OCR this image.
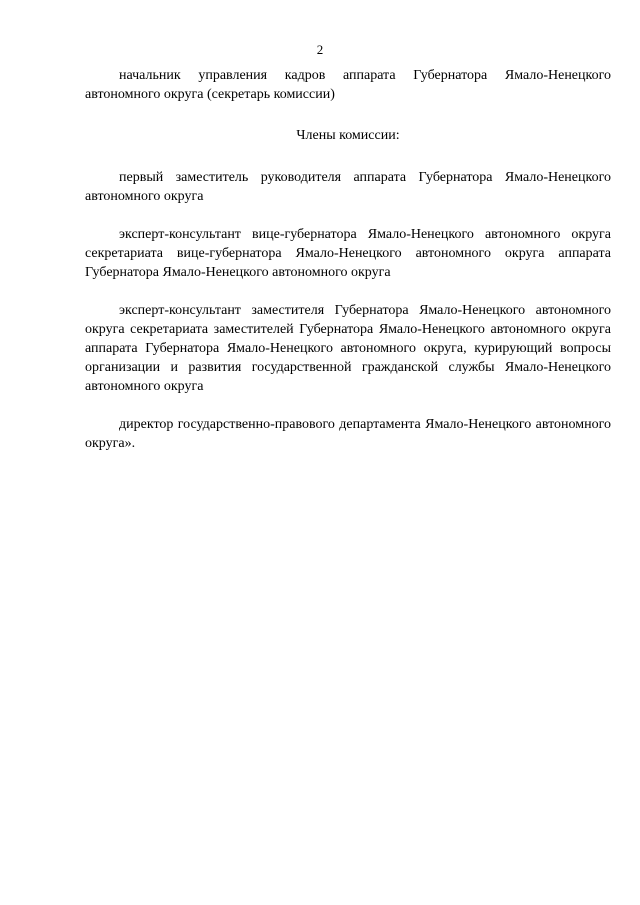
2

начальник управления кадров аппарата Губернатора Ямало-Ненецкого автономного округа (секретарь комиссии)

Члены комиссии:

первый заместитель руководителя аппарата Губернатора Ямало-Ненецкого автономного округа

эксперт-консультант вице-губернатора Ямало-Ненецкого автономного округа секретариата вице-губернатора Ямало-Ненецкого автономного округа аппарата Губернатора Ямало-Ненецкого автономного округа

эксперт-консультант заместителя Губернатора Ямало-Ненецкого автономного округа секретариата заместителей Губернатора Ямало-Ненецкого автономного округа аппарата Губернатора Ямало-Ненецкого автономного округа, курирующий вопросы организации и развития государственной гражданской службы Ямало-Ненецкого автономного округа

директор государственно-правового департамента Ямало-Ненецкого автономного округа».
